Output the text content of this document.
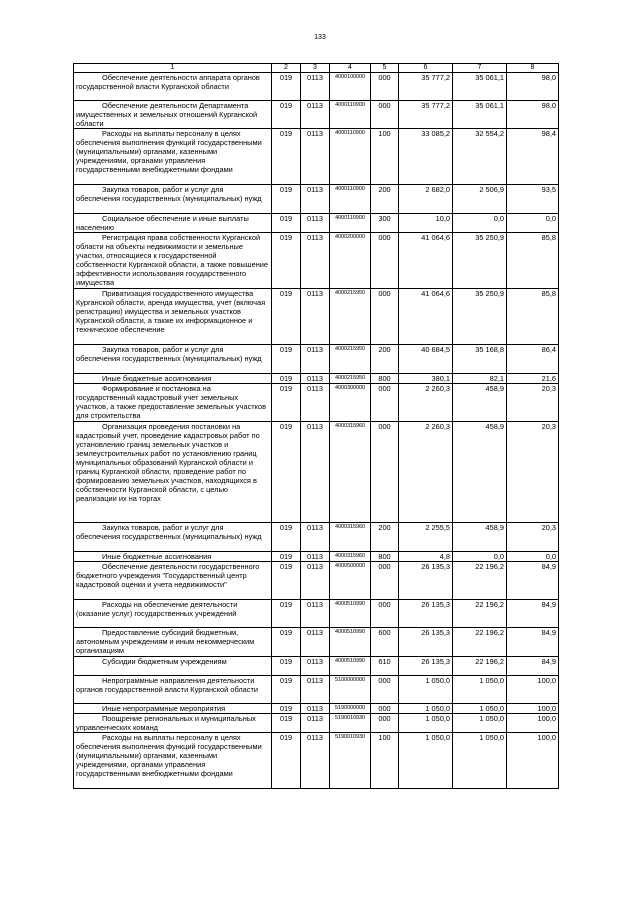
133
1	2	3	4	5	6	7	8
Обеспечение деятельности аппарата органов государственной власти Курганской области	019	0113	4000100000	000	35 777,2	35 061,1	98,0
Обеспечение деятельности Департамента имущественных и земельных отношений Курганской области	019	0113	4000110900	000	35 777,2	35 061,1	98,0
Расходы на выплаты персоналу в целях обеспечения выполнения функций государственными (муниципальными) органами, казенными учреждениями, органами управления государственными внебюджетными фондами	019	0113	4000110900	100	33 085,2	32 554,2	98,4
Закупка товаров, работ и услуг для обеспечения государственных (муниципальных) нужд	019	0113	4000110900	200	2 682,0	2 506,9	93,5
Социальное обеспечение и иные выплаты населению	019	0113	4000110900	300	10,0	0,0	0,0
Регистрация права собственности Курганской области на объекты недвижимости и земельные участки, относящиеся к государственной собственности Курганской области, а также повышение эффективности использования государственного имущества	019	0113	4000200000	000	41 064,6	35 250,9	85,8
Приватизация государственного имущества Курганской области, аренда имущества, учет (включая регистрацию) имущества и земельных участков Курганской области, а также их информационное и техническое обеспечение	019	0113	4000215950	000	41 064,6	35 250,9	85,8
Закупка товаров, работ и услуг для обеспечения государственных (муниципальных) нужд	019	0113	4000215950	200	40 684,5	35 168,8	86,4
Иные бюджетные ассигнования	019	0113	4000215950	800	380,1	82,1	21,6
Формирование и постановка на государственный кадастровый учет земельных участков, а также предоставление земельных участков для строительства	019	0113	4000300000	000	2 260,3	458,9	20,3
Организация проведения постановки на кадастровый учет, проведение кадастровых работ по установлению границ земельных участков и землеустроительных работ по установлению границ муниципальных образований Курганской области и границ Курганской области, проведение работ по формированию земельных участков, находящихся в собственности Курганской области, с целью реализации их на торгах	019	0113	4000315960	000	2 260,3	458,9	20,3
Закупка товаров, работ и услуг для обеспечения государственных (муниципальных) нужд	019	0113	4000315960	200	2 255,5	458,9	20,3
Иные бюджетные ассигнования	019	0113	4000315960	800	4,8	0,0	0,0
Обеспечение деятельности государственного бюджетного учреждения "Государственный центр кадастровой оценки и учета недвижимости"	019	0113	4000500000	000	26 135,3	22 196,2	84,9
Расходы на обеспечение деятельности (оказание услуг) государственных учреждений	019	0113	4000510990	000	26 135,3	22 196,2	84,9
Предоставление субсидий бюджетным, автономным учреждениям и иным некоммерческим организациям	019	0113	4000510990	600	26 135,3	22 196,2	84,9
Субсидии бюджетным учреждениям	019	0113	4000510990	610	26 135,3	22 196,2	84,9
Непрограммные направления деятельности органов государственной власти Курганской области	019	0113	5100000000	000	1 050,0	1 050,0	100,0
Иные непрограммные мероприятия	019	0113	5190000000	000	1 050,0	1 050,0	100,0
Поощрение региональных и муниципальных управленческих команд	019	0113	5190010930	000	1 050,0	1 050,0	100,0
Расходы на выплаты персоналу в целях обеспечения выполнения функций государственными (муниципальными) органами, казенными учреждениями, органами управления государственными внебюджетными фондами	019	0113	5190010930	100	1 050,0	1 050,0	100,0
